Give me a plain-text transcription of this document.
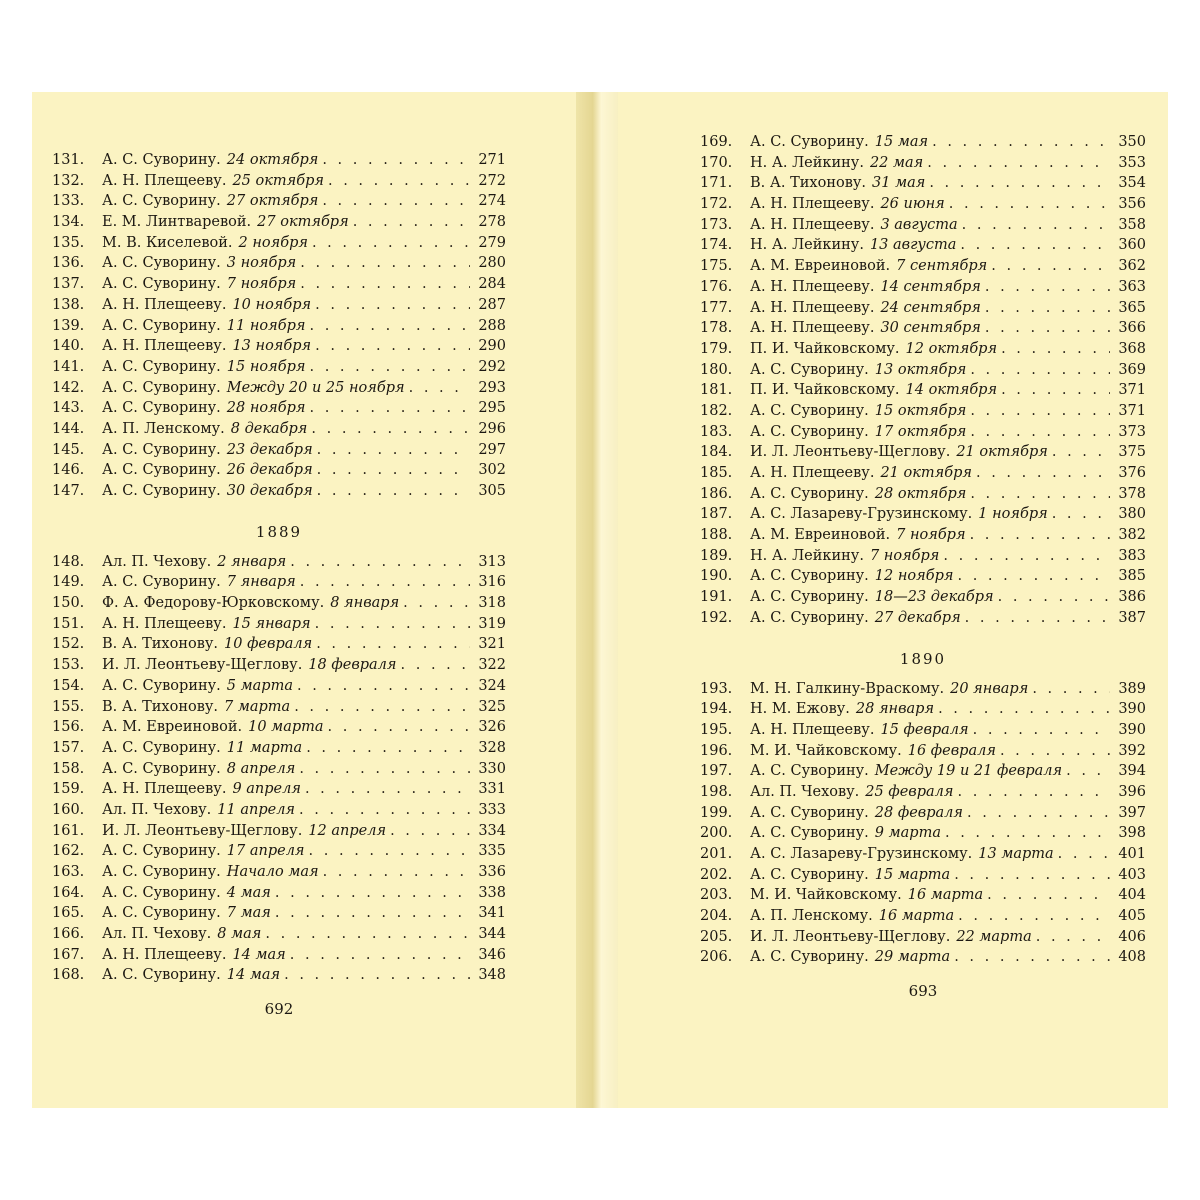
131.	А. С. Суворину. 24 октября . . .	271
132.	А. Н. Плещееву. 25 октября . . .	272
133.	А. С. Суворину. 27 октября . . .	274
134.	Е. М. Линтваревой. 27 октября . . .	278
135.	М. В. Киселевой. 2 ноября . . .	279
136.	А. С. Суворину. 3 ноября . . .	280
137.	А. С. Суворину. 7 ноября . . .	284
138.	А. Н. Плещееву. 10 ноября . . .	287
139.	А. С. Суворину. 11 ноября . . .	288
140.	А. Н. Плещееву. 13 ноября . . .	290
141.	А. С. Суворину. 15 ноября . . .	292
142.	А. С. Суворину. Между 20 и 25 ноября . . .	293
143.	А. С. Суворину. 28 ноября . . .	295
144.	А. П. Ленскому. 8 декабря . . .	296
145.	А. С. Суворину. 23 декабря . . .	297
146.	А. С. Суворину. 26 декабря . . .	302
147.	А. С. Суворину. 30 декабря . . .	305
1889
148.	Ал. П. Чехову. 2 января . . .	313
149.	А. С. Суворину. 7 января . . .	316
150.	Ф. А. Федорову-Юрковскому. 8 января . . .	318
151.	А. Н. Плещееву. 15 января . . .	319
152.	В. А. Тихонову. 10 февраля . . .	321
153.	И. Л. Леонтьеву-Щеглову. 18 февраля . . .	322
154.	А. С. Суворину. 5 марта . . .	324
155.	В. А. Тихонову. 7 марта . . .	325
156.	А. М. Евреиновой. 10 марта . . .	326
157.	А. С. Суворину. 11 марта . . .	328
158.	А. С. Суворину. 8 апреля . . .	330
159.	А. Н. Плещееву. 9 апреля . . .	331
160.	Ал. П. Чехову. 11 апреля . . .	333
161.	И. Л. Леонтьеву-Щеглову. 12 апреля . . .	334
162.	А. С. Суворину. 17 апреля . . .	335
163.	А. С. Суворину. Начало мая . . .	336
164.	А. С. Суворину. 4 мая . . .	338
165.	А. С. Суворину. 7 мая . . .	341
166.	Ал. П. Чехову. 8 мая . . .	344
167.	А. Н. Плещееву. 14 мая . . .	346
168.	А. С. Суворину. 14 мая . . .	348
692
169.	А. С. Суворину. 15 мая . . .	350
170.	Н. А. Лейкину. 22 мая . . .	353
171.	В. А. Тихонову. 31 мая . . .	354
172.	А. Н. Плещееву. 26 июня . . .	356
173.	А. Н. Плещееву. 3 августа . . .	358
174.	Н. А. Лейкину. 13 августа . . .	360
175.	А. М. Евреиновой. 7 сентября . . .	362
176.	А. Н. Плещееву. 14 сентября . . .	363
177.	А. Н. Плещееву. 24 сентября . . .	365
178.	А. Н. Плещееву. 30 сентября . . .	366
179.	П. И. Чайковскому. 12 октября . . .	368
180.	А. С. Суворину. 13 октября . . .	369
181.	П. И. Чайковскому. 14 октября . . .	371
182.	А. С. Суворину. 15 октября . . .	371
183.	А. С. Суворину. 17 октября . . .	373
184.	И. Л. Леонтьеву-Щеглову. 21 октября . . .	375
185.	А. Н. Плещееву. 21 октября . . .	376
186.	А. С. Суворину. 28 октября . . .	378
187.	А. С. Лазареву-Грузинскому. 1 ноября . . .	380
188.	А. М. Евреиновой. 7 ноября . . .	382
189.	Н. А. Лейкину. 7 ноября . . .	383
190.	А. С. Суворину. 12 ноября . . .	385
191.	А. С. Суворину. 18—23 декабря . . .	386
192.	А. С. Суворину. 27 декабря . . .	387
1890
193.	М. Н. Галкину-Враскому. 20 января . . .	389
194.	Н. М. Ежову. 28 января . . .	390
195.	А. Н. Плещееву. 15 февраля . . .	390
196.	М. И. Чайковскому. 16 февраля . . .	392
197.	А. С. Суворину. Между 19 и 21 февраля . . .	394
198.	Ал. П. Чехову. 25 февраля . . .	396
199.	А. С. Суворину. 28 февраля . . .	397
200.	А. С. Суворину. 9 марта . . .	398
201.	А. С. Лазареву-Грузинскому. 13 марта . . .	401
202.	А. С. Суворину. 15 марта . . .	403
203.	М. И. Чайковскому. 16 марта . . .	404
204.	А. П. Ленскому. 16 марта . . .	405
205.	И. Л. Леонтьеву-Щеглову. 22 марта . . .	406
206.	А. С. Суворину. 29 марта . . .	408
693
